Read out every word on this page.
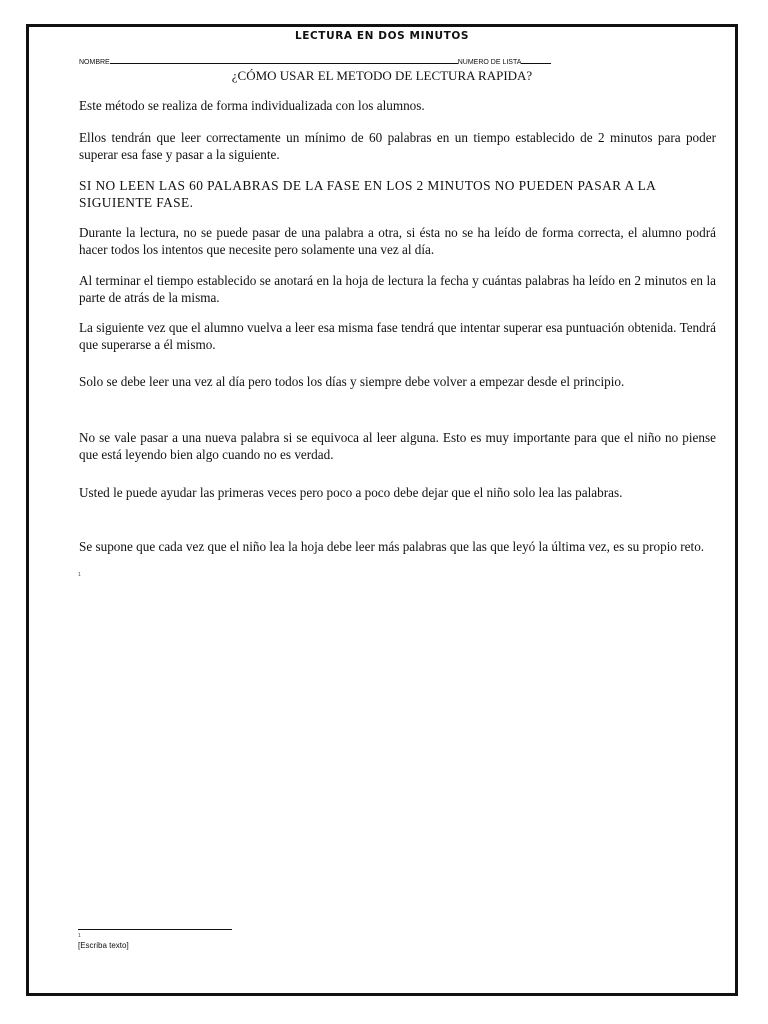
LECTURA EN DOS MINUTOS
NOMBRE	NUMERO DE LISTA
¿CÓMO USAR EL METODO DE LECTURA RAPIDA?

Este método se realiza de forma individualizada con los alumnos.

Ellos tendrán que leer correctamente un mínimo de 60 palabras en un tiempo establecido de 2 minutos para poder superar esa fase y pasar a la siguiente.

SI NO LEEN LAS 60 PALABRAS DE LA FASE EN LOS 2 MINUTOS NO PUEDEN PASAR A LA SIGUIENTE FASE.

Durante la lectura, no se puede pasar de una palabra a otra, si ésta no se ha leído de forma correcta, el alumno podrá hacer todos los intentos que necesite pero solamente una vez al día.

Al terminar el tiempo establecido se anotará en la hoja de lectura la fecha y cuántas palabras ha leído en 2 minutos en la parte de atrás de la misma.

La siguiente vez que el alumno vuelva a leer esa misma fase tendrá que intentar superar esa puntuación obtenida. Tendrá que superarse a él mismo.

Solo se debe leer una vez al día pero todos los días y siempre debe volver a empezar desde el principio.

No se vale pasar a una nueva palabra si se equivoca al leer alguna. Esto es muy importante para que el niño no piense que está leyendo bien algo cuando no es verdad.

Usted le puede ayudar las primeras veces pero poco a poco debe dejar que el niño solo lea las palabras.

Se supone que cada vez que el niño lea la hoja debe leer más palabras que las que leyó la última vez, es su propio reto.

1
1
[Escriba texto]
